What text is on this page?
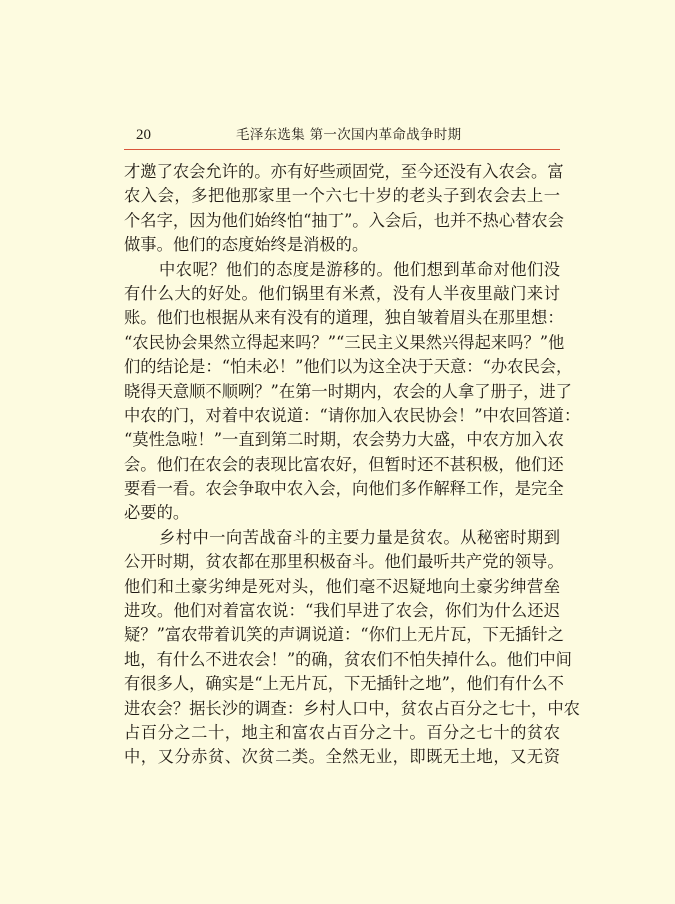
20	毛泽东选集 第一次国内革命战争时期
才邀了农会允许的。亦有好些顽固党，至今还没有入农会。富
农入会，多把他那家里一个六七十岁的老头子到农会去上一
个名字，因为他们始终怕“抽丁”。入会后，也并不热心替农会
做事。他们的态度始终是消极的。
中农呢？他们的态度是游移的。他们想到革命对他们没
有什么大的好处。他们锅里有米煮，没有人半夜里敲门来讨
账。他们也根据从来有没有的道理，独自皱着眉头在那里想：
“农民协会果然立得起来吗？”“三民主义果然兴得起来吗？”他
们的结论是：“怕未必！”他们以为这全决于天意：“办农民会，
晓得天意顺不顺咧？”在第一时期内，农会的人拿了册子，进了
中农的门，对着中农说道：“请你加入农民协会！”中农回答道：
“莫性急啦！”一直到第二时期，农会势力大盛，中农方加入农
会。他们在农会的表现比富农好，但暂时还不甚积极，他们还
要看一看。农会争取中农入会，向他们多作解释工作，是完全
必要的。
乡村中一向苦战奋斗的主要力量是贫农。从秘密时期到
公开时期，贫农都在那里积极奋斗。他们最听共产党的领导。
他们和土豪劣绅是死对头，他们毫不迟疑地向土豪劣绅营垒
进攻。他们对着富农说：“我们早进了农会，你们为什么还迟
疑？”富农带着讥笑的声调说道：“你们上无片瓦，下无插针之
地，有什么不进农会！”的确，贫农们不怕失掉什么。他们中间
有很多人，确实是“上无片瓦，下无插针之地”，他们有什么不
进农会？据长沙的调查：乡村人口中，贫农占百分之七十，中农
占百分之二十，地主和富农占百分之十。百分之七十的贫农
中，又分赤贫、次贫二类。全然无业，即既无土地，又无资
